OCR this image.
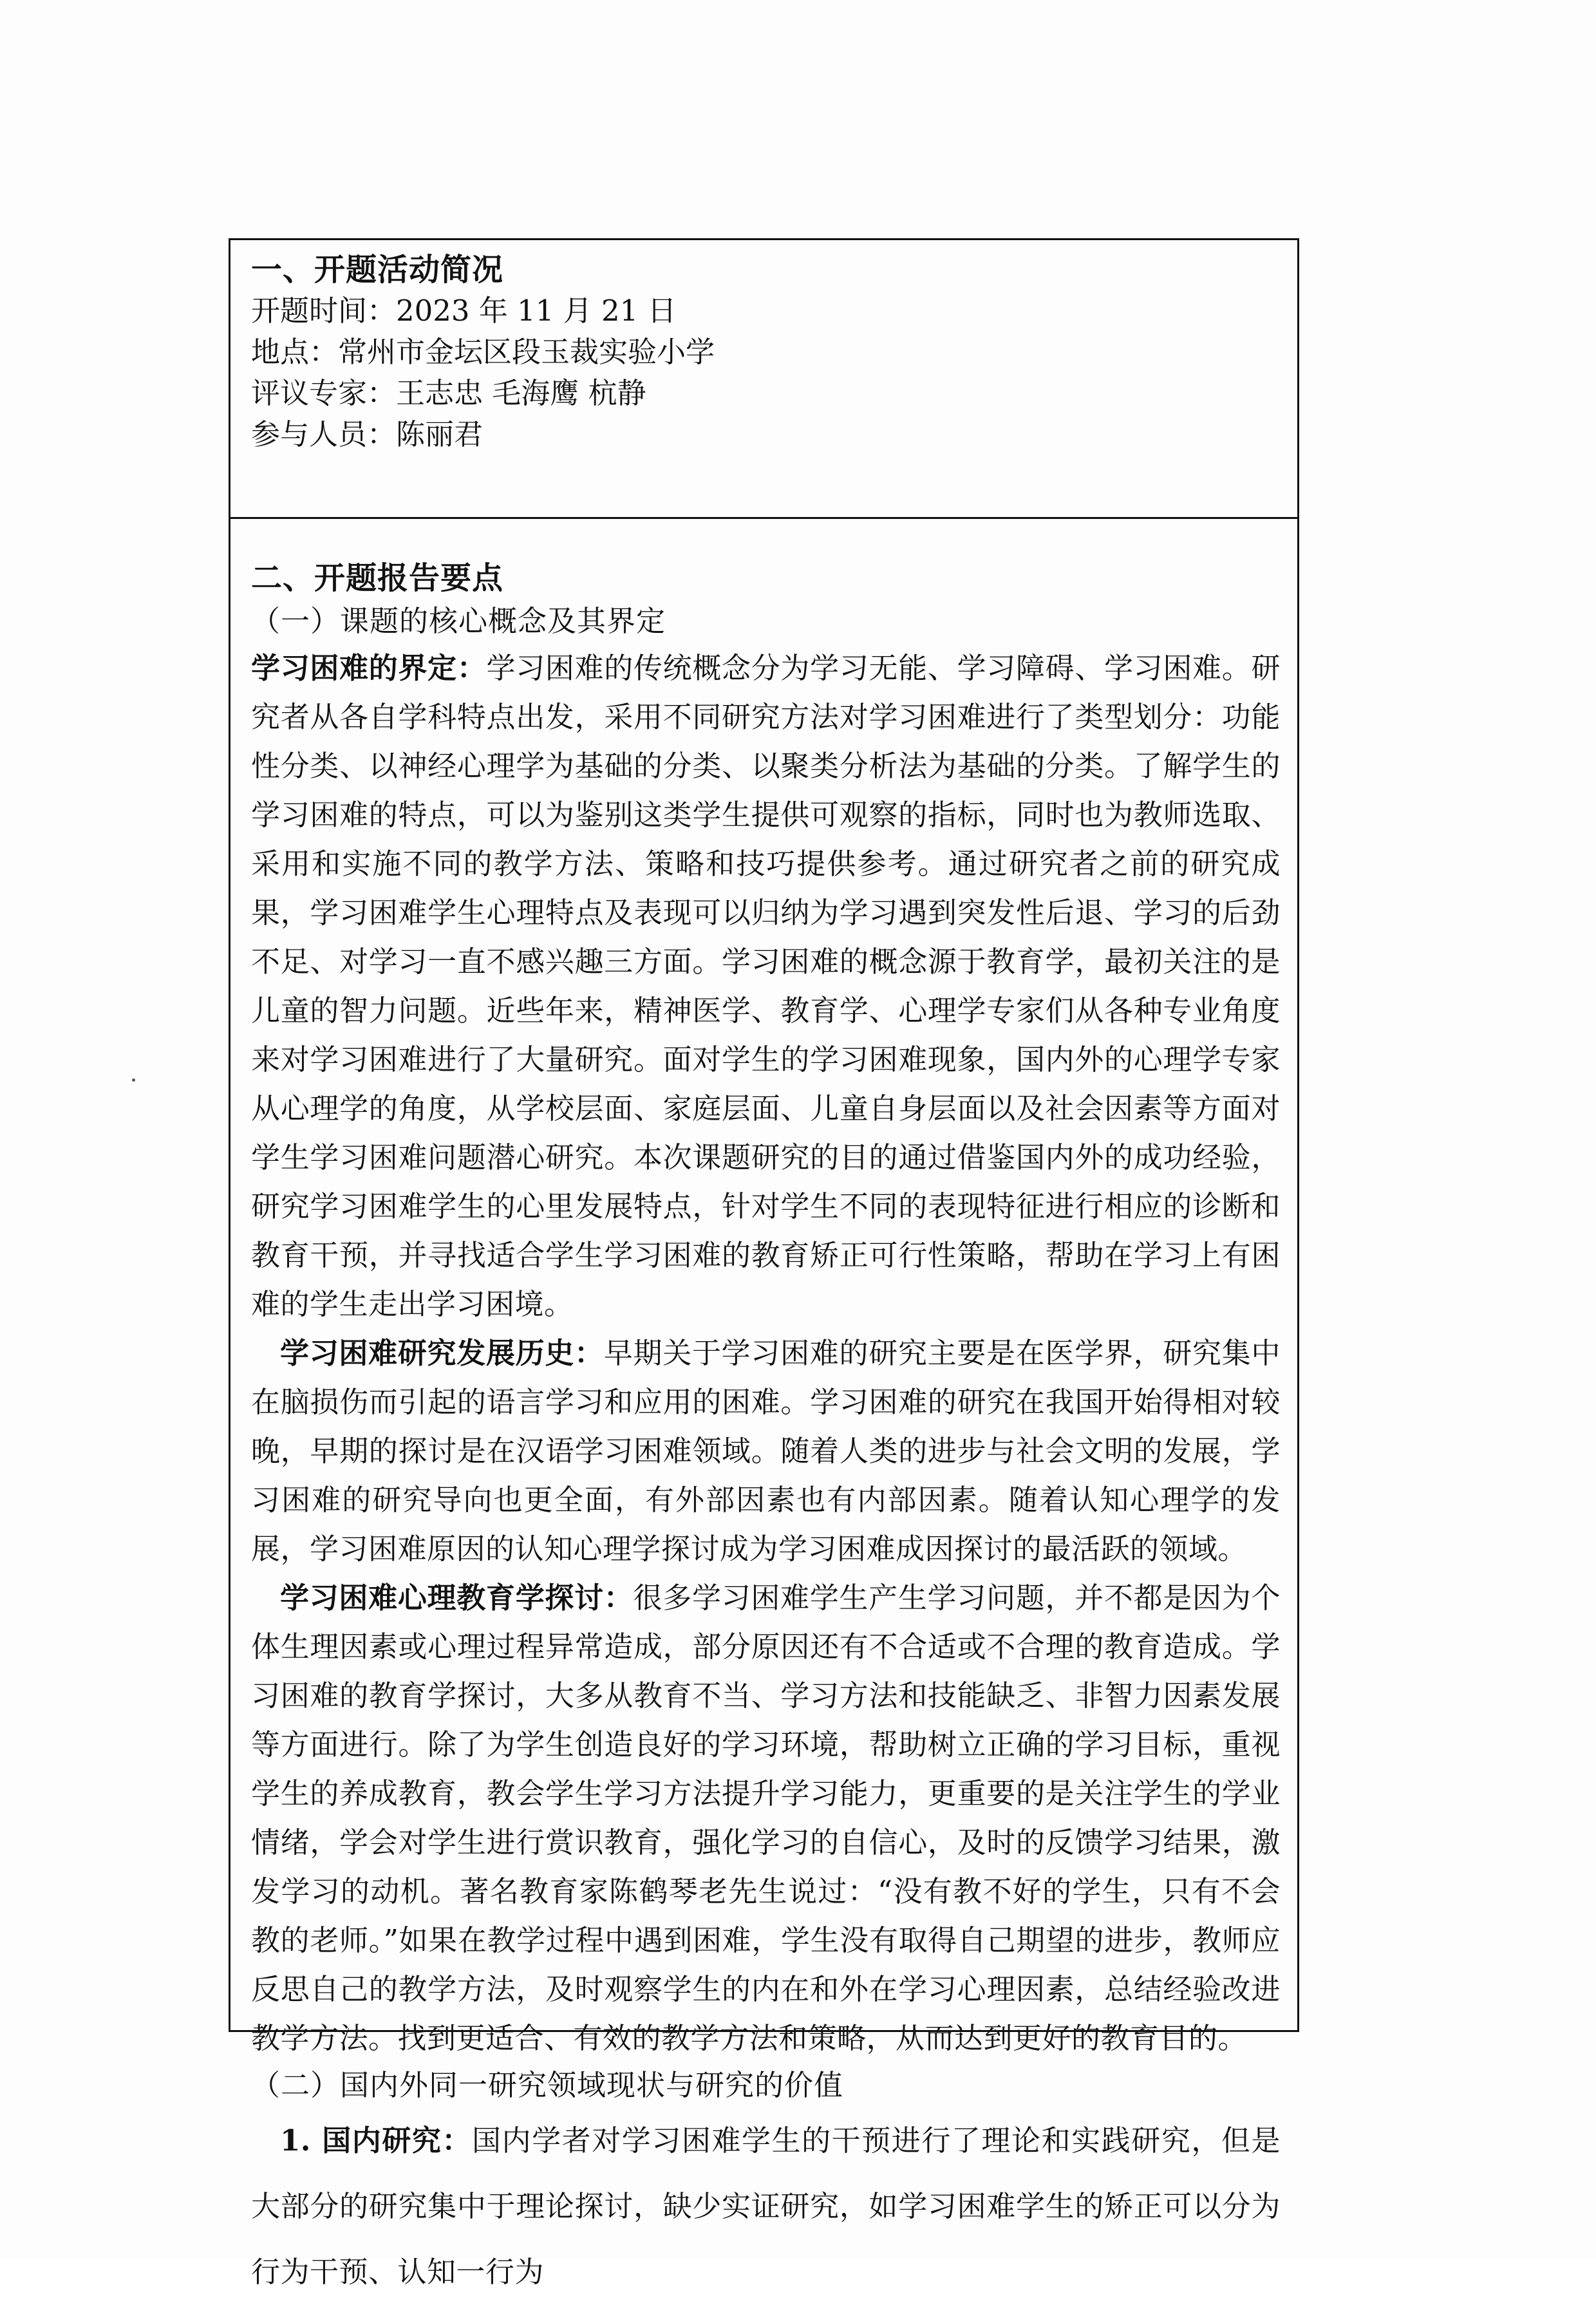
一、开题活动简况
开题时间：2023 年 11 月 21 日
地点：常州市金坛区段玉裁实验小学
评议专家：王志忠 毛海鹰 杭静
参与人员：陈丽君
二、开题报告要点
（一）课题的核心概念及其界定

学习困难的界定：学习困难的传统概念分为学习无能、学习障碍、学习困难。研究者从各自学科特点出发，采用不同研究方法对学习困难进行了类型划分：功能性分类、以神经心理学为基础的分类、以聚类分析法为基础的分类。了解学生的学习困难的特点，可以为鉴别这类学生提供可观察的指标，同时也为教师选取、采用和实施不同的教学方法、策略和技巧提供参考。通过研究者之前的研究成果，学习困难学生心理特点及表现可以归纳为学习遇到突发性后退、学习的后劲不足、对学习一直不感兴趣三方面。学习困难的概念源于教育学，最初关注的是儿童的智力问题。近些年来，精神医学、教育学、心理学专家们从各种专业角度来对学习困难进行了大量研究。面对学生的学习困难现象，国内外的心理学专家从心理学的角度，从学校层面、家庭层面、儿童自身层面以及社会因素等方面对学生学习困难问题潜心研究。本次课题研究的目的通过借鉴国内外的成功经验，研究学习困难学生的心里发展特点，针对学生不同的表现特征进行相应的诊断和教育干预，并寻找适合学生学习困难的教育矫正可行性策略，帮助在学习上有困难的学生走出学习困境。

学习困难研究发展历史：早期关于学习困难的研究主要是在医学界，研究集中在脑损伤而引起的语言学习和应用的困难。学习困难的研究在我国开始得相对较晚，早期的探讨是在汉语学习困难领域。随着人类的进步与社会文明的发展，学习困难的研究导向也更全面，有外部因素也有内部因素。随着认知心理学的发展，学习困难原因的认知心理学探讨成为学习困难成因探讨的最活跃的领域。

学习困难心理教育学探讨：很多学习困难学生产生学习问题，并不都是因为个体生理因素或心理过程异常造成，部分原因还有不合适或不合理的教育造成。学习困难的教育学探讨，大多从教育不当、学习方法和技能缺乏、非智力因素发展等方面进行。除了为学生创造良好的学习环境，帮助树立正确的学习目标，重视学生的养成教育，教会学生学习方法提升学习能力，更重要的是关注学生的学业情绪，学会对学生进行赏识教育，强化学习的自信心，及时的反馈学习结果，激发学习的动机。著名教育家陈鹤琴老先生说过：“没有教不好的学生，只有不会教的老师。”如果在教学过程中遇到困难，学生没有取得自己期望的进步，教师应反思自己的教学方法，及时观察学生的内在和外在学习心理因素，总结经验改进教学方法。找到更适合、有效的教学方法和策略，从而达到更好的教育目的。

（二）国内外同一研究领域现状与研究的价值

1. 国内研究：国内学者对学习困难学生的干预进行了理论和实践研究，但是大部分的研究集中于理论探讨，缺少实证研究，如学习困难学生的矫正可以分为行为干预、认知一行为
